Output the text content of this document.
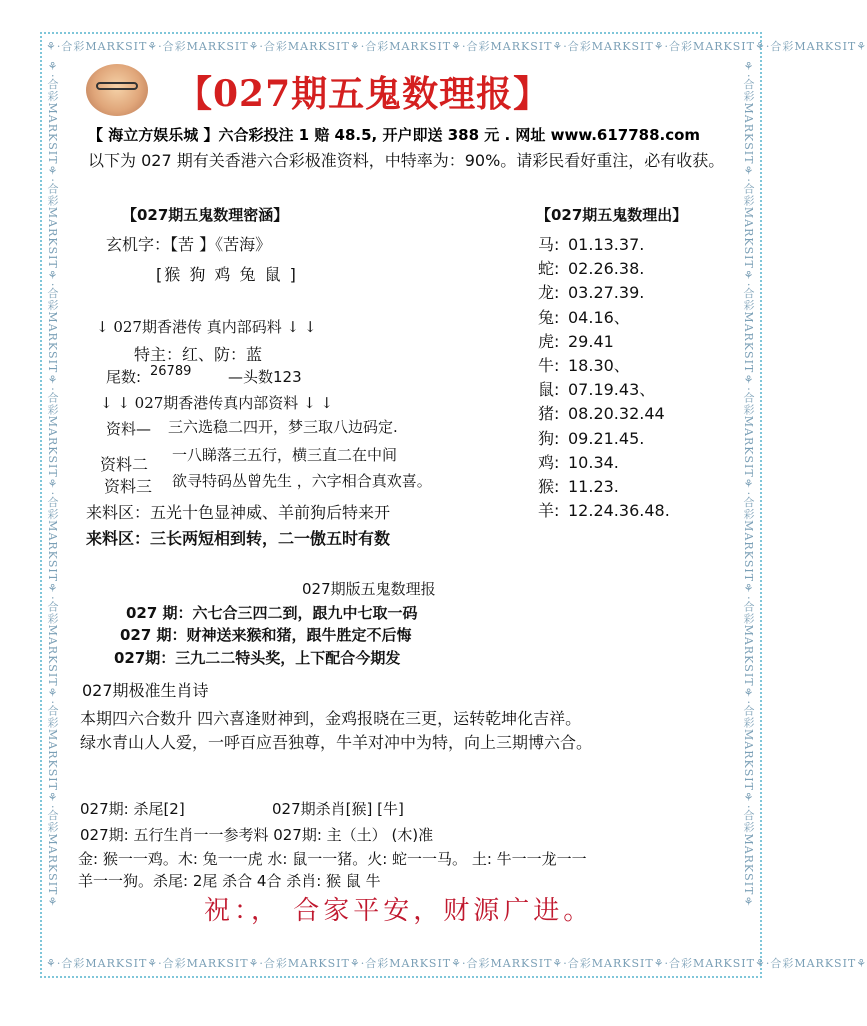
⚘·合彩MARKSIT⚘·合彩MARKSIT⚘·合彩MARKSIT⚘·合彩MARKSIT⚘·合彩MARKSIT⚘·合彩MARKSIT⚘·合彩MARKSIT⚘·合彩MARKSIT⚘
⚘·合彩MARKSIT⚘·合彩MARKSIT⚘·合彩MARKSIT⚘·合彩MARKSIT⚘·合彩MARKSIT⚘·合彩MARKSIT⚘·合彩MARKSIT⚘·合彩MARKSIT⚘
⚘·合彩MARKSIT⚘·合彩MARKSIT⚘·合彩MARKSIT⚘·合彩MARKSIT⚘·合彩MARKSIT⚘·合彩MARKSIT⚘·合彩MARKSIT⚘·合彩MARKSIT⚘	⚘·合彩MARKSIT⚘·合彩MARKSIT⚘·合彩MARKSIT⚘·合彩MARKSIT⚘·合彩MARKSIT⚘·合彩MARKSIT⚘·合彩MARKSIT⚘·合彩MARKSIT⚘
【027期五鬼数理报】
【 海立方娱乐城 】六合彩投注 1 赔 48.5, 开户即送 388 元 . 网址 www.617788.com
以下为 027 期有关香港六合彩极准资料，中特率为：90%。请彩民看好重注，必有收获。
【027期五鬼数理密涵】
玄机字：【苦 】《苦海》
[猴 狗 鸡 兔 鼠 ]
↓ 027期香港传 真内部码料 ↓ ↓
特主：红、防：蓝
尾数: 26789 —头数123
↓ ↓ 027期香港传真内部资料 ↓ ↓
资料— 三六选稳二四开，梦三取八边码定.
资料二 一八睇落三五行，横三直二在中间
资料三 欲寻特码丛曾先生 ，六字相合真欢喜。
来料区：五光十色显神威、羊前狗后特来开
来料区：三长两短相到转，二一傲五时有数
【027期五鬼数理出】
马: 01.13.37.
蛇: 02.26.38.
龙: 03.27.39.
兔: 04.16、
虎: 29.41
牛: 18.30、
鼠: 07.19.43、
猪: 08.20.32.44
狗: 09.21.45.
鸡: 10.34.
猴: 11.23.
羊: 12.24.36.48.
027期版五鬼数理报
027 期：六七合三四二到，跟九中七取一码
027 期：财神送来猴和猪，跟牛胜定不后悔
027期：三九二二特头奖，上下配合今期发
027期极准生肖诗
本期四六合数升 四六喜逢财神到，金鸡报晓在三更，运转乾坤化吉祥。
绿水青山人人爱，一呼百应吾独尊，牛羊对冲中为特，向上三期博六合。
027期: 杀尾[2]	027期杀肖[猴] [牛]
027期: 五行生肖一一参考料 027期: 主（土） (木)准
金: 猴一一鸡。木: 兔一一虎 水: 鼠一一猪。火: 蛇一一马。 土: 牛一一龙一一
羊一一狗。杀尾: 2尾 杀合 4合 杀肖: 猴 鼠 牛
祝：， 合家平安，财源广进。
